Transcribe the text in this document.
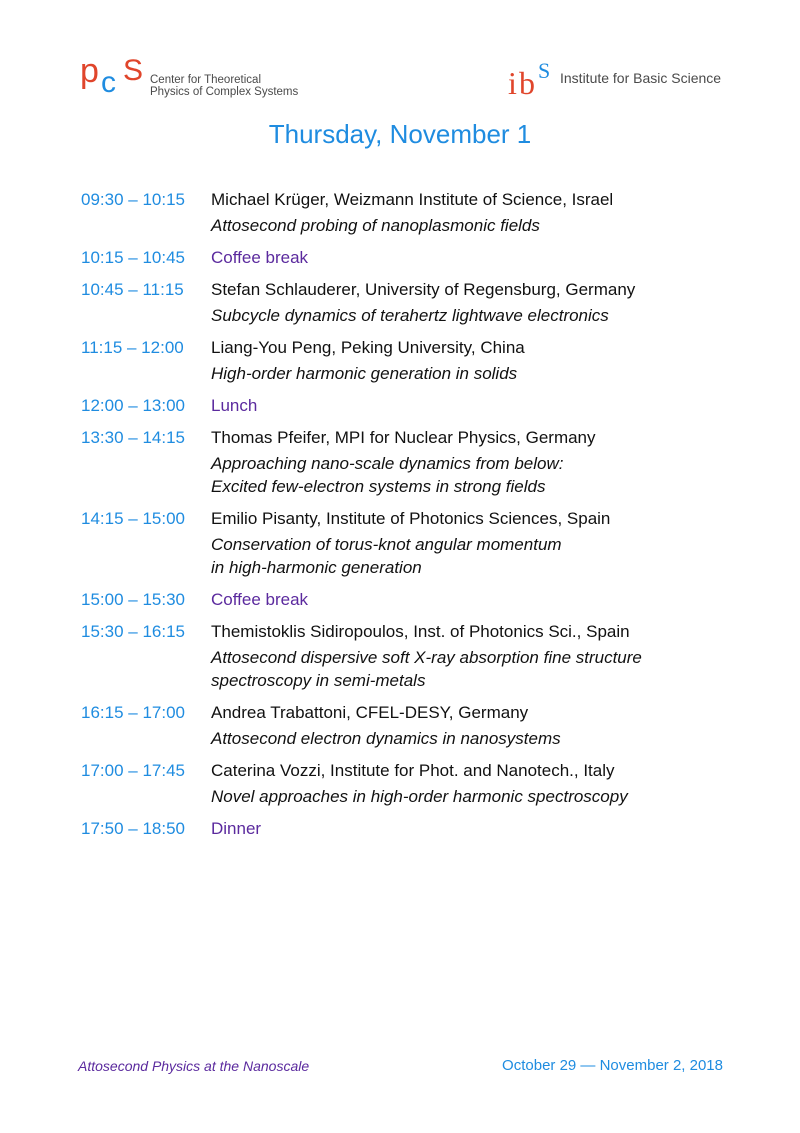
p c S Center for Theoretical
Physics of Complex Systems	i b S Institute for Basic Science
Thursday, November 1
09:30 – 10:15	Michael Krüger, Weizmann Institute of Science, Israel
Attosecond probing of nanoplasmonic fields
10:15 – 10:45	Coffee break
10:45 – 11:15	Stefan Schlauderer, University of Regensburg, Germany
Subcycle dynamics of terahertz lightwave electronics
11:15 – 12:00	Liang-You Peng, Peking University, China
High-order harmonic generation in solids
12:00 – 13:00	Lunch
13:30 – 14:15	Thomas Pfeifer, MPI for Nuclear Physics, Germany
Approaching nano-scale dynamics from below:
Excited few-electron systems in strong fields
14:15 – 15:00	Emilio Pisanty, Institute of Photonics Sciences, Spain
Conservation of torus-knot angular momentum
in high-harmonic generation
15:00 – 15:30	Coffee break
15:30 – 16:15	Themistoklis Sidiropoulos, Inst. of Photonics Sci., Spain
Attosecond dispersive soft X-ray absorption fine structure
spectroscopy in semi-metals
16:15 – 17:00	Andrea Trabattoni, CFEL-DESY, Germany
Attosecond electron dynamics in nanosystems
17:00 – 17:45	Caterina Vozzi, Institute for Phot. and Nanotech., Italy
Novel approaches in high-order harmonic spectroscopy
17:50 – 18:50	Dinner
Attosecond Physics at the Nanoscale	October 29 — November 2, 2018
